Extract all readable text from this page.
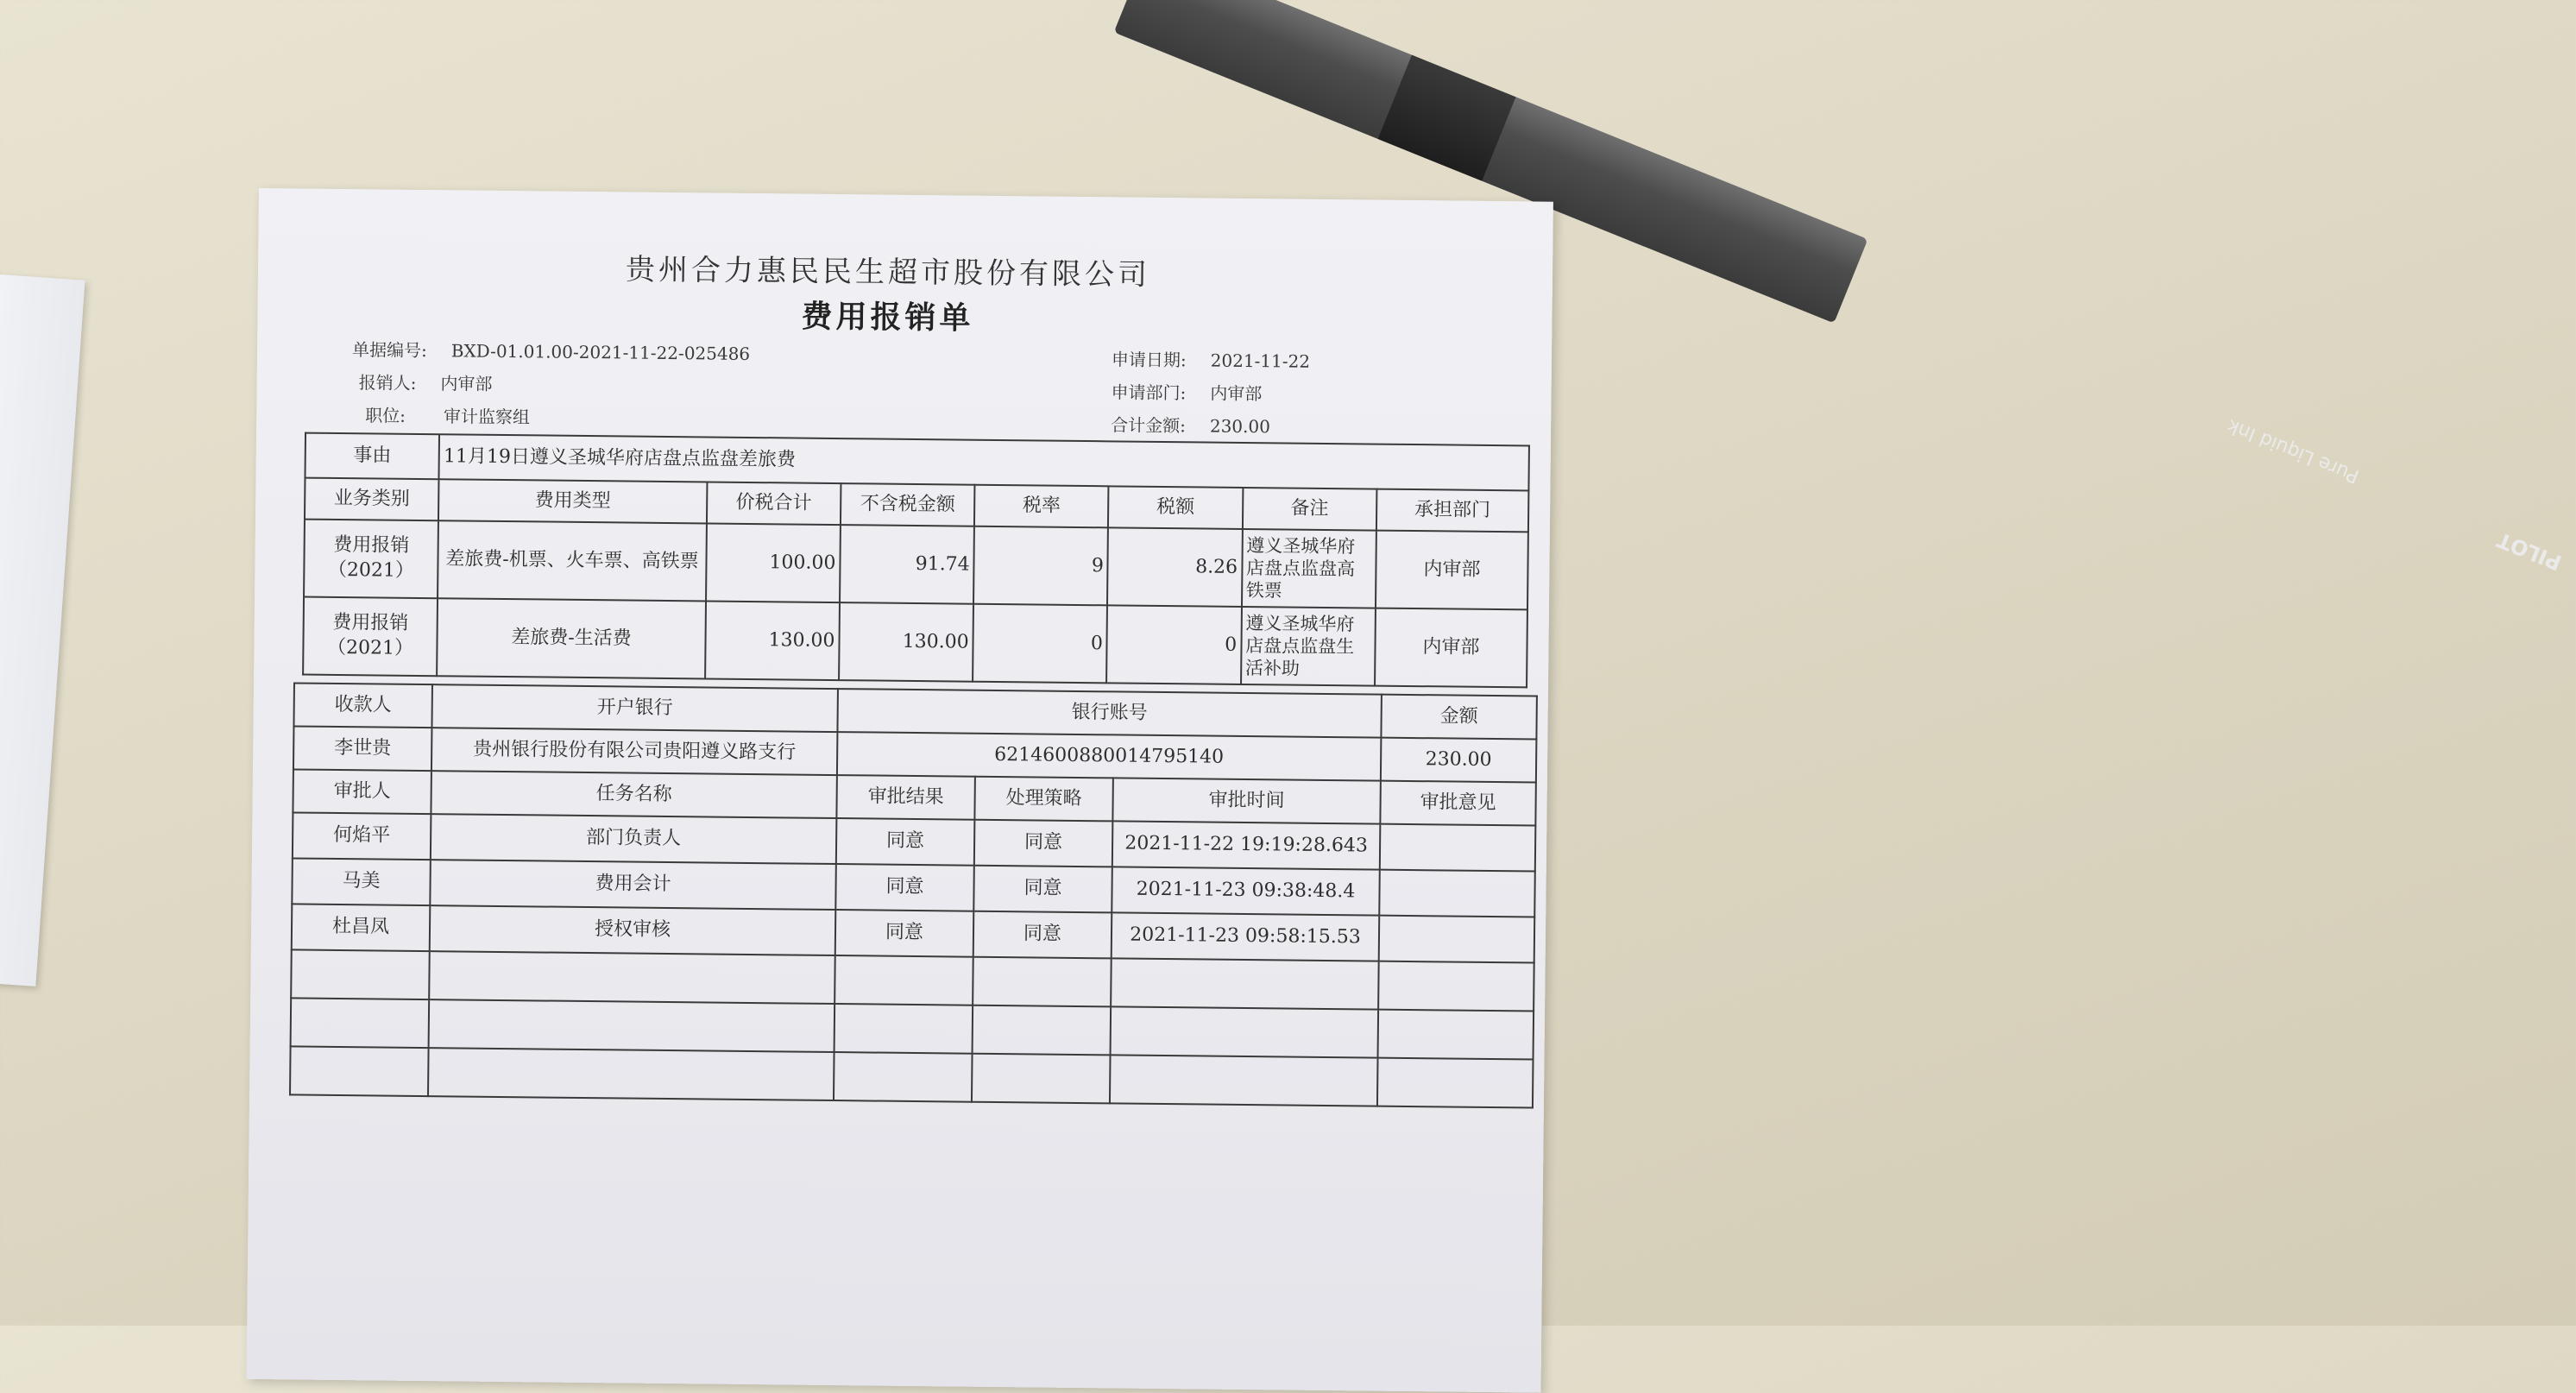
Pure Liquid Ink
PILOT
贵州合力惠民民生超市股份有限公司
费用报销单
单据编号: BXD-01.01.00-2021-11-22-025486
报销人: 内审部
职位: 审计监察组
申请日期: 2021-11-22
申请部门: 内审部
合计金额: 230.00
事由	11月19日遵义圣城华府店盘点监盘差旅费						
业务类别	费用类型	价税合计	不含税金额	税率	税额	备注	承担部门
费用报销（2021）	差旅费-机票、火车票、高铁票	100.00	91.74	9	8.26	遵义圣城华府店盘点监盘高铁票	内审部
费用报销（2021）	差旅费-生活费	130.00	130.00	0	0	遵义圣城华府店盘点监盘生活补助	内审部
收款人	开户银行	银行账号			金额
李世贵	贵州银行股份有限公司贵阳遵义路支行	6214600880014795140			230.00
审批人	任务名称	审批结果	处理策略	审批时间	审批意见
何焰平	部门负责人	同意	同意	2021-11-22 19:19:28.643	
马美	费用会计	同意	同意	2021-11-23 09:38:48.4	
杜昌凤	授权审核	同意	同意	2021-11-23 09:58:15.53	
